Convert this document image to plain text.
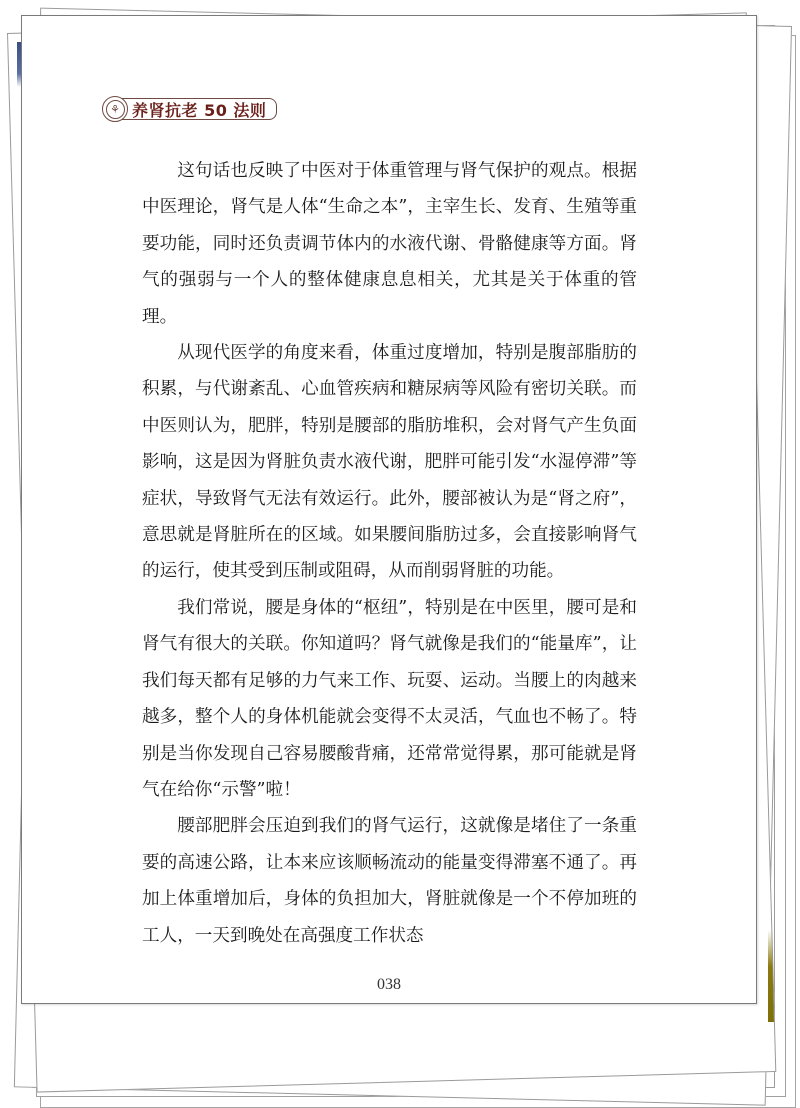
⚘ 养肾抗老 50 法则

这句话也反映了中医对于体重管理与肾气保护的观点。根据中医理论，肾气是人体“生命之本”，主宰生长、发育、生殖等重要功能，同时还负责调节体内的水液代谢、骨骼健康等方面。肾气的强弱与一个人的整体健康息息相关，尤其是关于体重的管理。

从现代医学的角度来看，体重过度增加，特别是腹部脂肪的积累，与代谢紊乱、心血管疾病和糖尿病等风险有密切关联。而中医则认为，肥胖，特别是腰部的脂肪堆积，会对肾气产生负面影响，这是因为肾脏负责水液代谢，肥胖可能引发“水湿停滞”等症状，导致肾气无法有效运行。此外，腰部被认为是“肾之府”，意思就是肾脏所在的区域。如果腰间脂肪过多，会直接影响肾气的运行，使其受到压制或阻碍，从而削弱肾脏的功能。

我们常说，腰是身体的“枢纽”，特别是在中医里，腰可是和肾气有很大的关联。你知道吗？肾气就像是我们的“能量库”，让我们每天都有足够的力气来工作、玩耍、运动。当腰上的肉越来越多，整个人的身体机能就会变得不太灵活，气血也不畅了。特别是当你发现自己容易腰酸背痛，还常常觉得累，那可能就是肾气在给你“示警”啦！

腰部肥胖会压迫到我们的肾气运行，这就像是堵住了一条重要的高速公路，让本来应该顺畅流动的能量变得滞塞不通了。再加上体重增加后，身体的负担加大，肾脏就像是一个不停加班的工人，一天到晚处在高强度工作状态

038
